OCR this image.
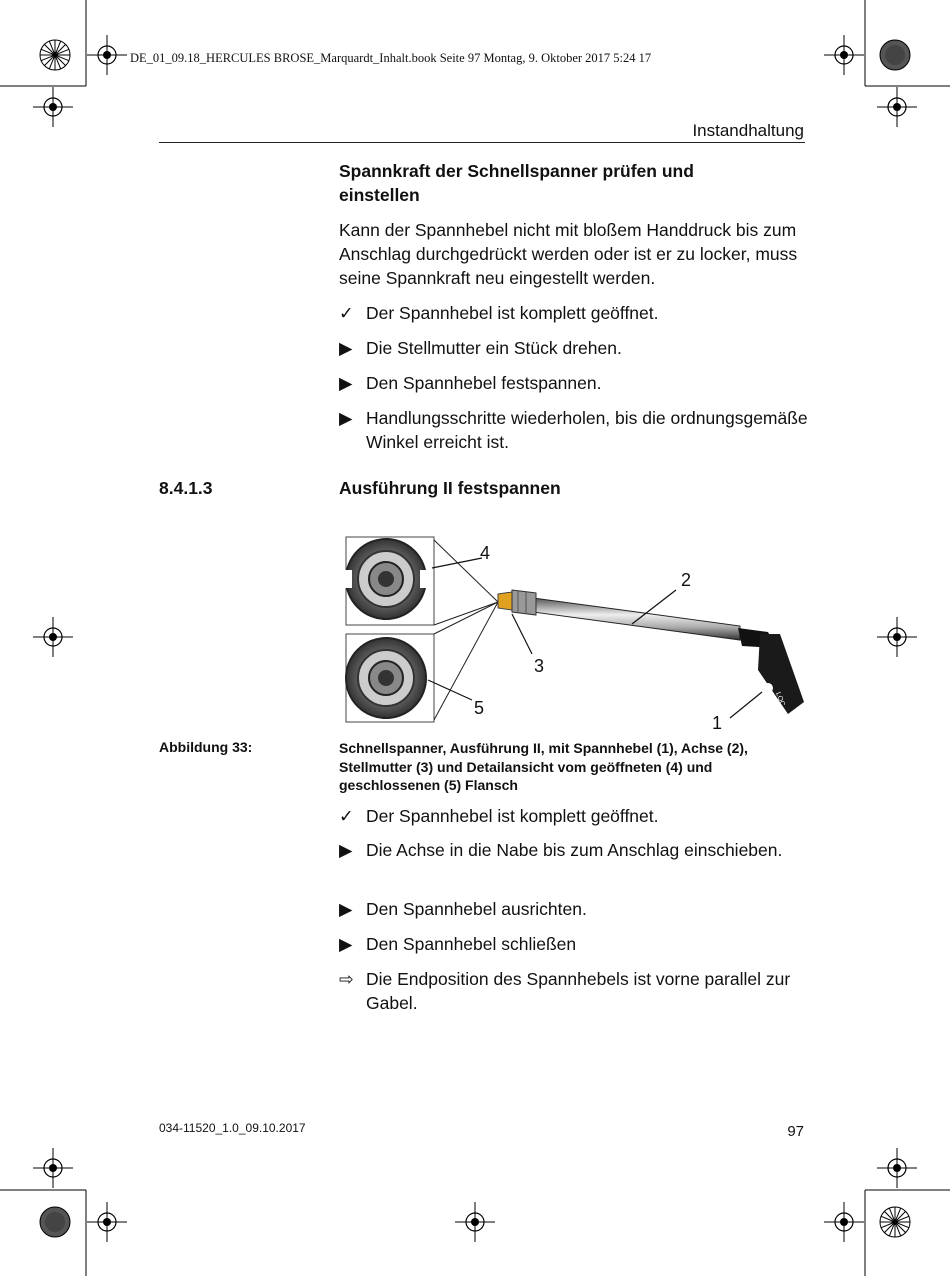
DE_01_09.18_HERCULES BROSE_Marquardt_Inhalt.book Seite 97 Montag, 9. Oktober 2017 5:24 17
Instandhaltung
Spannkraft der Schnellspanner prüfen und einstellen
Kann der Spannhebel nicht mit bloßem Handdruck bis zum Anschlag durchgedrückt werden oder ist er zu locker, muss seine Spannkraft neu eingestellt werden.
✓ Der Spannhebel ist komplett geöffnet.
▶ Die Stellmutter ein Stück drehen.
▶ Den Spannhebel festspannen.
▶ Handlungsschritte wiederholen, bis die ordnungsgemäße Winkel erreicht ist.
8.4.1.3	Ausführung II festspannen
LOC
4
2
3
5
1
Abbildung 33:	Schnellspanner, Ausführung II, mit Spannhebel (1), Achse (2), Stellmutter (3) und Detailansicht vom geöffneten (4) und geschlossenen (5) Flansch
✓ Der Spannhebel ist komplett geöffnet.
▶ Die Achse in die Nabe bis zum Anschlag einschieben.
▶ Den Spannhebel ausrichten.
▶ Den Spannhebel schließen
⇨ Die Endposition des Spannhebels ist vorne parallel zur Gabel.
034-11520_1.0_09.10.2017	97
